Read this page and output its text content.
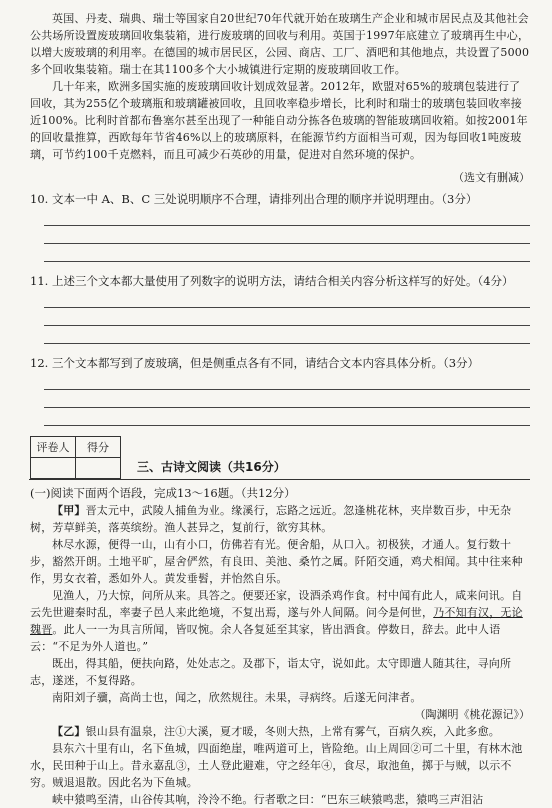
英国、丹麦、瑞典、瑞士等国家自20世纪70年代就开始在玻璃生产企业和城市居民点及其他社会公共场所设置废玻璃回收集装箱，进行废玻璃的回收与利用。英国于1997年底建立了玻璃再生中心，以增大废玻璃的利用率。在德国的城市居民区，公园、商店、工厂、酒吧和其他地点，共设置了5000多个回收集装箱。瑞士在其1100多个大小城镇进行定期的废玻璃回收工作。

几十年来，欧洲多国实施的废玻璃回收计划成效显著。2012年，欧盟对65%的玻璃包装进行了回收，其为255亿个玻璃瓶和玻璃罐被回收，且回收率稳步增长，比利时和瑞士的玻璃包装回收率接近100%。比利时首都布鲁塞尔甚至出现了一种能自动分拣各色玻璃的智能玻璃回收箱。如按2001年的回收量推算，西欧每年节省46%以上的玻璃原料，在能源节约方面相当可观，因为每回收1吨废玻璃，可节约100千克燃料，而且可减少石英砂的用量，促进对自然环境的保护。

（选文有删减）

10. 文本一中 A、B、C 三处说明顺序不合理，请排列出合理的顺序并说明理由。（3分）

11. 上述三个文本都大量使用了列数字的说明方法，请结合相关内容分析这样写的好处。（4分）

12. 三个文本都写到了废玻璃，但是侧重点各有不同，请结合文本内容具体分析。（3分）

评卷人	得分

三、古诗文阅读（共16分）

(一)阅读下面两个语段，完成13～16题。（共12分）

【甲】晋太元中，武陵人捕鱼为业。缘溪行，忘路之远近。忽逢桃花林，夹岸数百步，中无杂树，芳草鲜美，落英缤纷。渔人甚异之，复前行，欲穷其林。

林尽水源，便得一山，山有小口，仿佛若有光。便舍船，从口入。初极狭，才通人。复行数十步，豁然开朗。土地平旷，屋舍俨然，有良田、美池、桑竹之属。阡陌交通，鸡犬相闻。其中往来种作，男女衣着，悉如外人。黄发垂髫，并怡然自乐。

见渔人，乃大惊，问所从来。具答之。便要还家，设酒杀鸡作食。村中闻有此人，咸来问讯。自云先世避秦时乱，率妻子邑人来此绝境，不复出焉，遂与外人间隔。问今是何世，乃不知有汉，无论魏晋。此人一一为具言所闻，皆叹惋。余人各复延至其家，皆出酒食。停数日，辞去。此中人语云：“不足为外人道也。”

既出，得其船，便扶向路，处处志之。及郡下，诣太守，说如此。太守即遣人随其往，寻向所志，遂迷，不复得路。

南阳刘子骥，高尚士也，闻之，欣然规往。未果，寻病终。后遂无问津者。

（陶渊明《桃花源记》）

【乙】银山县有温泉，注①大溪，夏才暖，冬则大热，上常有雾气，百病久疾，入此多愈。

县东六十里有山，名下鱼城，四面绝崖，唯两道可上，皆险绝。山上周回②可二十里，有林木池水，民田种于山上。昔永嘉乱③，土人登此避难，守之经年④，食尽，取池鱼，掷于与贼，以示不穷。贼退退散。因此名为下鱼城。

峡中猿鸣至清，山谷传其响，泠泠不绝。行者歌之曰：“巴东三峡猿鸣悲，猿鸣三声泪沾
